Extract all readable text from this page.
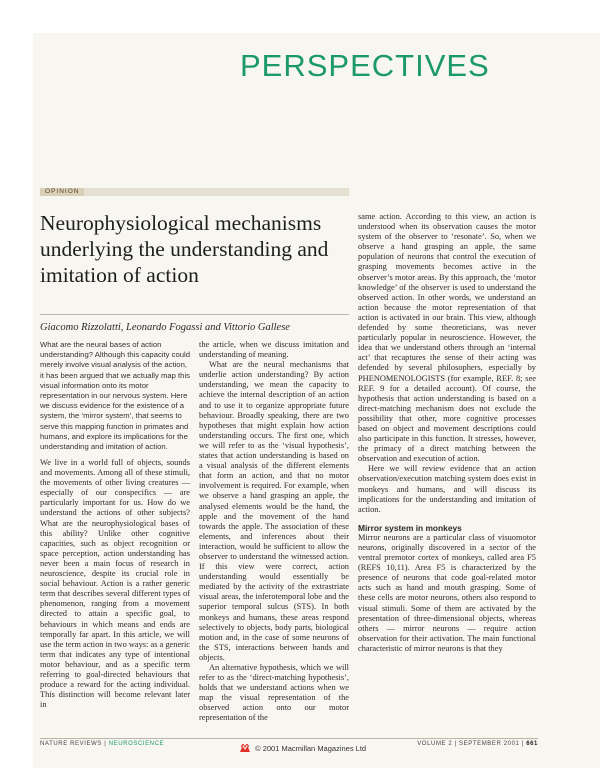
PERSPECTIVES
OPINION
Neurophysiological mechanisms underlying the understanding and imitation of action
Giacomo Rizzolatti, Leonardo Fogassi and Vittorio Gallese
What are the neural bases of action understanding? Although this capacity could merely involve visual analysis of the action, it has been argued that we actually map this visual information onto its motor representation in our nervous system. Here we discuss evidence for the existence of a system, the ‘mirror system’, that seems to serve this mapping function in primates and humans, and explore its implications for the understanding and imitation of action.

We live in a world full of objects, sounds and movements. Among all of these stimuli, the movements of other living creatures — especially of our conspecifics — are particularly important for us. How do we understand the actions of other subjects? What are the neurophysiological bases of this ability? Unlike other cognitive capacities, such as object recognition or space perception, action understanding has never been a main focus of research in neuroscience, despite its crucial role in social behaviour. Action is a rather generic term that describes several different types of phenomenon, ranging from a movement directed to attain a specific goal, to behaviours in which means and ends are temporally far apart. In this article, we will use the term action in two ways: as a generic term that indicates any type of intentional motor behaviour, and as a specific term referring to goal-directed behaviours that produce a reward for the acting individual. This distinction will become relevant later in

the article, when we discuss imitation and understanding of meaning.

What are the neural mechanisms that underlie action understanding? By action understanding, we mean the capacity to achieve the internal description of an action and to use it to organize appropriate future behaviour. Broadly speaking, there are two hypotheses that might explain how action understanding occurs. The first one, which we will refer to as the ‘visual hypothesis’, states that action understanding is based on a visual analysis of the different elements that form an action, and that no motor involvement is required. For example, when we observe a hand grasping an apple, the analysed elements would be the hand, the apple and the movement of the hand towards the apple. The association of these elements, and inferences about their interaction, would be sufficient to allow the observer to understand the witnessed action. If this view were correct, action understanding would essentially be mediated by the activity of the extrastriate visual areas, the inferotemporal lobe and the superior temporal sulcus (STS). In both monkeys and humans, these areas respond selectively to objects, body parts, biological motion and, in the case of some neurons of the STS, interactions between hands and objects.

An alternative hypothesis, which we will refer to as the ‘direct-matching hypothesis’, holds that we understand actions when we map the visual representation of the observed action onto our motor representation of the

same action. According to this view, an action is understood when its observation causes the motor system of the observer to ‘resonate’. So, when we observe a hand grasping an apple, the same population of neurons that control the execution of grasping movements becomes active in the observer’s motor areas. By this approach, the ‘motor knowledge’ of the observer is used to understand the observed action. In other words, we understand an action because the motor representation of that action is activated in our brain. This view, although defended by some theoreticians, was never particularly popular in neuroscience. However, the idea that we understand others through an ‘internal act’ that recaptures the sense of their acting was defended by several philosophers, especially by PHENOMENOLOGISTS (for example, REF. 8; see REF. 9 for a detailed account). Of course, the hypothesis that action understanding is based on a direct-matching mechanism does not exclude the possibility that other, more cognitive processes based on object and movement descriptions could also participate in this function. It stresses, however, the primacy of a direct matching between the observation and execution of action.

Here we will review evidence that an action observation/execution matching system does exist in monkeys and humans, and will discuss its implications for the understanding and imitation of action.

Mirror system in monkeys

Mirror neurons are a particular class of visuomotor neurons, originally discovered in a sector of the ventral premotor cortex of monkeys, called area F5 (REFS 10,11). Area F5 is characterized by the presence of neurons that code goal-related motor acts such as hand and mouth grasping. Some of these cells are motor neurons, others also respond to visual stimuli. Some of them are activated by the presentation of three-dimensional objects, whereas others — mirror neurons — require action observation for their activation. The main functional characteristic of mirror neurons is that they

NATURE REVIEWS | NEUROSCIENCE	© 2001 Macmillan Magazines Ltd	VOLUME 2 | SEPTEMBER 2001 | 661
